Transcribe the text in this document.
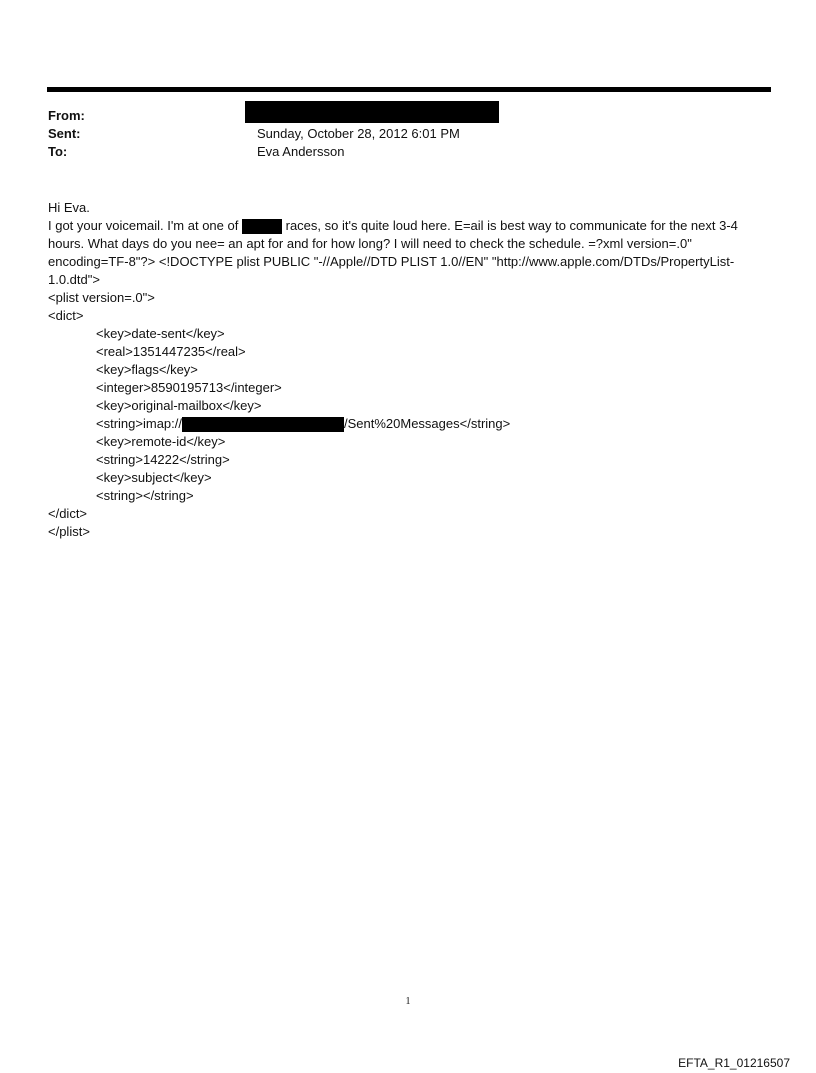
From:
Sent:	Sunday, October 28, 2012 6:01 PM
To:	Eva Andersson

Hi Eva.

I got your voicemail. I'm at one of	races, so it's quite loud here. E=ail is best way to communicate for the next 3-4 hours. What days do you nee= an apt for and for how long? I will need to check the schedule. =?xml version=.0" encoding=TF-8"?> <!DOCTYPE plist PUBLIC "-//Apple//DTD PLIST 1.0//EN" "http://www.apple.com/DTDs/PropertyList-1.0.dtd">

<plist version=.0">

<dict>

<key>date-sent</key>

<real>1351447235</real>

<key>flags</key>

<integer>8590195713</integer>

<key>original-mailbox</key>

<string>imap://	/Sent%20Messages</string>

<key>remote-id</key>

<string>14222</string>

<key>subject</key>

<string></string>

</dict>

</plist>

1
EFTA_R1_01216507
